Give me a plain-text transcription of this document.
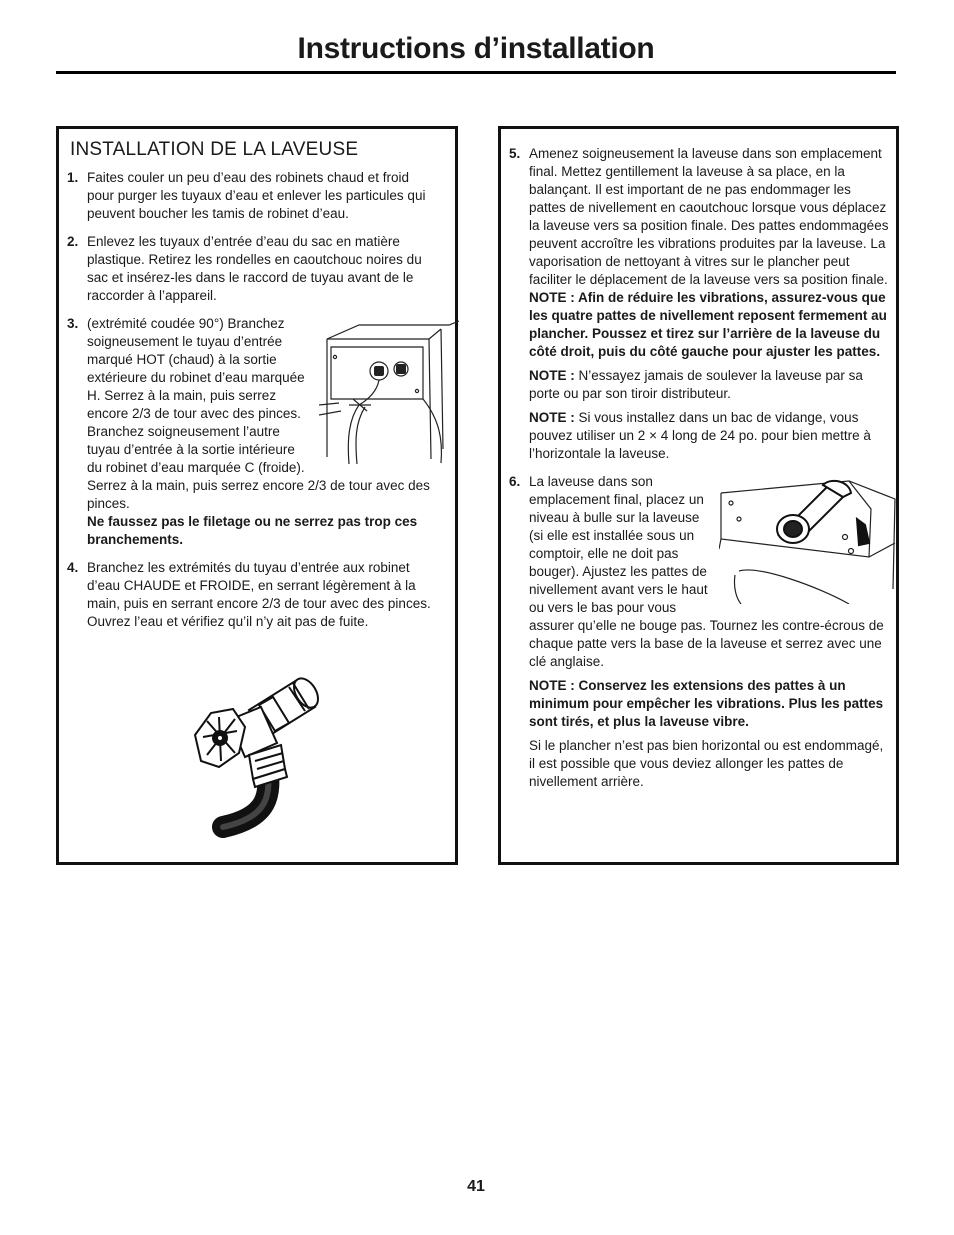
Instructions d’installation
INSTALLATION DE LA LAVEUSE
1. Faites couler un peu d’eau des robinets chaud et froid pour purger les tuyaux d’eau et enlever les particules qui peuvent boucher les tamis de robinet d’eau.
2. Enlevez les tuyaux d’entrée d’eau du sac en matière plastique. Retirez les rondelles en caoutchouc noires du sac et insérez-les dans le raccord de tuyau avant de le raccorder à l’appareil.
3. (extrémité coudée 90°) Branchez soigneusement le tuyau d’entrée marqué HOT (chaud) à la sortie extérieure du robinet d’eau marquée H. Serrez à la main, puis serrez encore 2/3 de tour avec des pinces. Branchez soigneusement l’autre tuyau d’entrée à la sortie intérieure du robinet d’eau marquée C (froide). Serrez à la main, puis serrez encore 2/3 de tour avec des pinces.
Ne faussez pas le filetage ou ne serrez pas trop ces branchements.
4. Branchez les extrémités du tuyau d’entrée aux robinet d’eau CHAUDE et FROIDE, en serrant légèrement à la main, puis en serrant encore 2/3 de tour avec des pinces. Ouvrez l’eau et vérifiez qu’il n’y ait pas de fuite.
5. Amenez soigneusement la laveuse dans son emplacement final. Mettez gentillement la laveuse à sa place, en la balançant. Il est important de ne pas endommager les pattes de nivellement en caoutchouc lorsque vous déplacez la laveuse vers sa position finale. Des pattes endommagées peuvent accroître les vibrations produites par la laveuse. La vaporisation de nettoyant à vitres sur le plancher peut faciliter le déplacement de la laveuse vers sa position finale. NOTE : Afin de réduire les vibrations, assurez-vous que les quatre pattes de nivellement reposent fermement au plancher. Poussez et tirez sur l’arrière de la laveuse du côté droit, puis du côté gauche pour ajuster les pattes.

NOTE : N’essayez jamais de soulever la laveuse par sa porte ou par son tiroir distributeur.

NOTE : Si vous installez dans un bac de vidange, vous pouvez utiliser un 2 × 4 long de 24 po. pour bien mettre à l’horizontale la laveuse.

6. La laveuse dans son emplacement final, placez un niveau à bulle sur la laveuse (si elle est installée sous un comptoir, elle ne doit pas bouger). Ajustez les pattes de nivellement avant vers le haut ou vers le bas pour vous assurer qu’elle ne bouge pas. Tournez les contre-écrous de chaque patte vers la base de la laveuse et serrez avec une clé anglaise.

NOTE : Conservez les extensions des pattes à un minimum pour empêcher les vibrations. Plus les pattes sont tirés, et plus la laveuse vibre.

Si le plancher n’est pas bien horizontal ou est endommagé, il est possible que vous deviez allonger les pattes de nivellement arrière.

41
